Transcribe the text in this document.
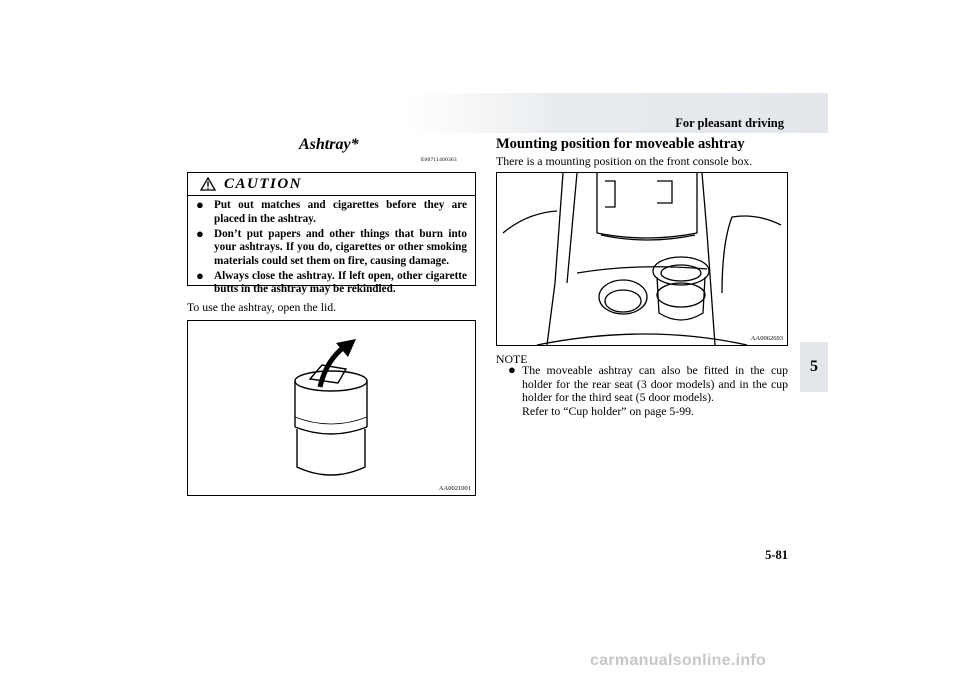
For pleasant driving
5
5-81
Ashtray*
E00711400363
CAUTION
● Put out matches and cigarettes before they are placed in the ashtray.
● Don’t put papers and other things that burn into your ashtrays. If you do, cigarettes or other smoking materials could set them on fire, causing damage.
● Always close the ashtray. If left open, other cigarette butts in the ashtray may be rekindled.
To use the ashtray, open the lid.
AA0021001
Mounting position for moveable ashtray
There is a mounting position on the front console box.
AA0062693
NOTE
● The moveable ashtray can also be fitted in the cup holder for the rear seat (3 door models) and in the cup holder for the third seat (5 door models).
Refer to “Cup holder” on page 5-99.
carmanualsonline.info
